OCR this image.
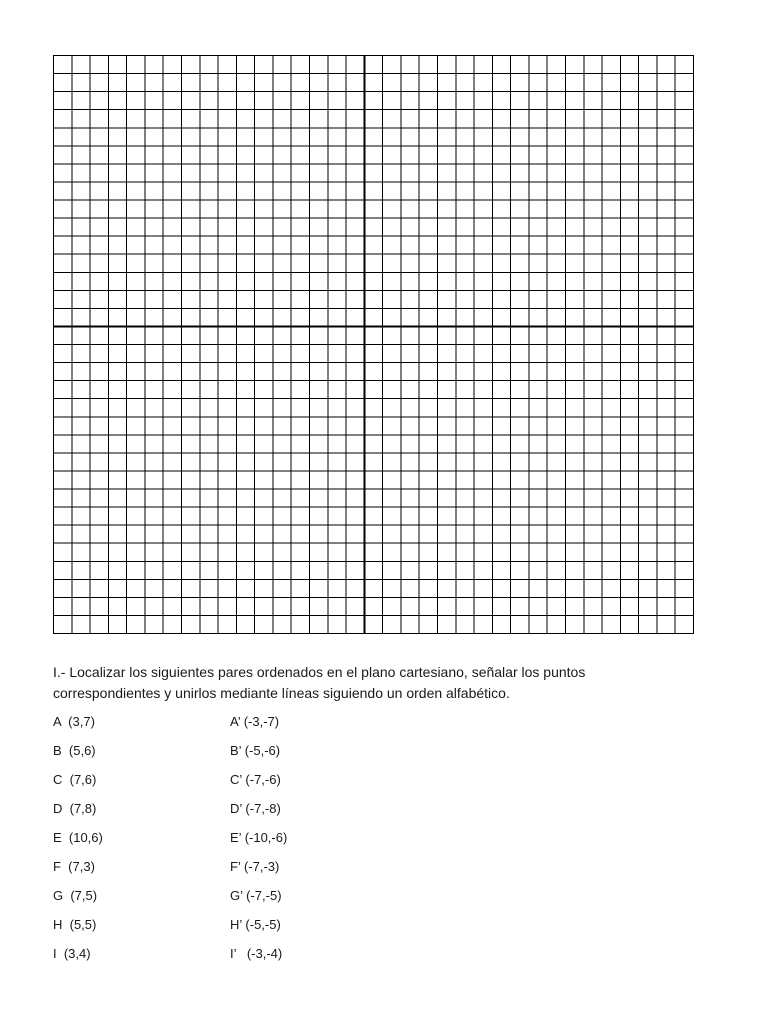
I.- Localizar los siguientes pares ordenados en el plano cartesiano, señalar los puntos correspondientes y unirlos mediante líneas siguiendo un orden alfabético.
A  (3,7)	A’ (-3,-7)
B  (5,6)	B’ (-5,-6)
C  (7,6)	C’ (-7,-6)
D  (7,8)	D’ (-7,-8)
E  (10,6)	E’ (-10,-6)
F  (7,3)	F’ (-7,-3)
G  (7,5)	G’ (-7,-5)
H  (5,5)	H’ (-5,-5)
I  (3,4)	I’   (-3,-4)
